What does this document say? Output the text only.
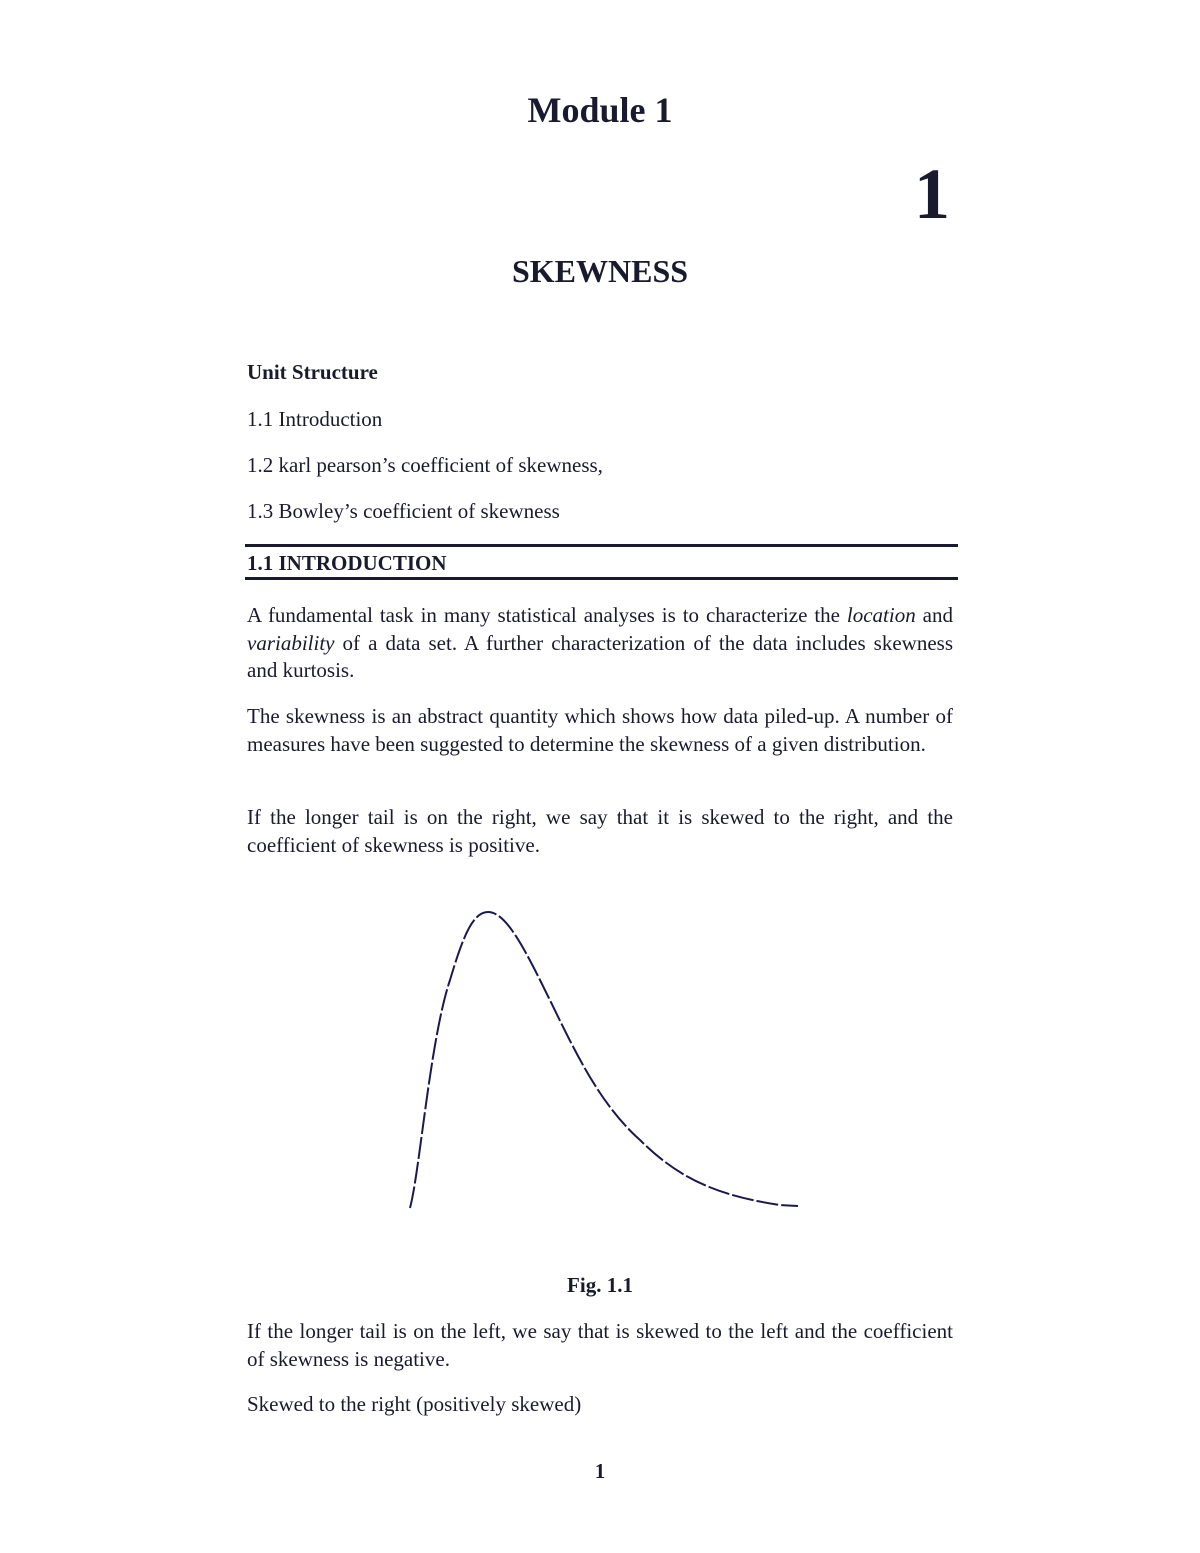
Module 1
1
SKEWNESS
Unit Structure
1.1 Introduction
1.2 karl pearson’s coefficient of skewness,
1.3 Bowley’s coefficient of skewness
1.1 INTRODUCTION

A fundamental task in many statistical analyses is to characterize the location and variability of a data set. A further characterization of the data includes skewness and kurtosis.

The skewness is an abstract quantity which shows how data piled-up. A number of measures have been suggested to determine the skewness of a given distribution.

If the longer tail is on the right, we say that it is skewed to the right, and the coefficient of skewness is positive.

Fig. 1.1

If the longer tail is on the left, we say that is skewed to the left and the coefficient of skewness is negative.

Skewed to the right (positively skewed)

1
